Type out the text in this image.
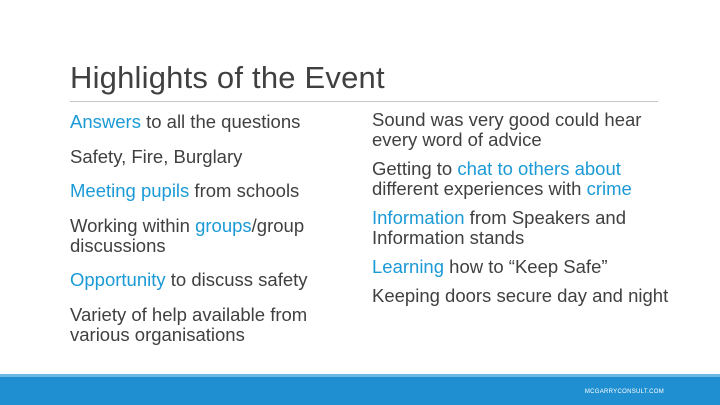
Highlights of the Event
Answers to all the questions
Safety, Fire, Burglary
Meeting pupils from schools
Working within groups/group discussions
Opportunity to discuss safety
Variety of help available from various organisations
Sound was very good could hear every word of advice
Getting to chat to others about different experiences with crime
Information from Speakers and Information stands
Learning how to “Keep Safe”
Keeping doors secure day and night
MCGARRYCONSULT.COM
